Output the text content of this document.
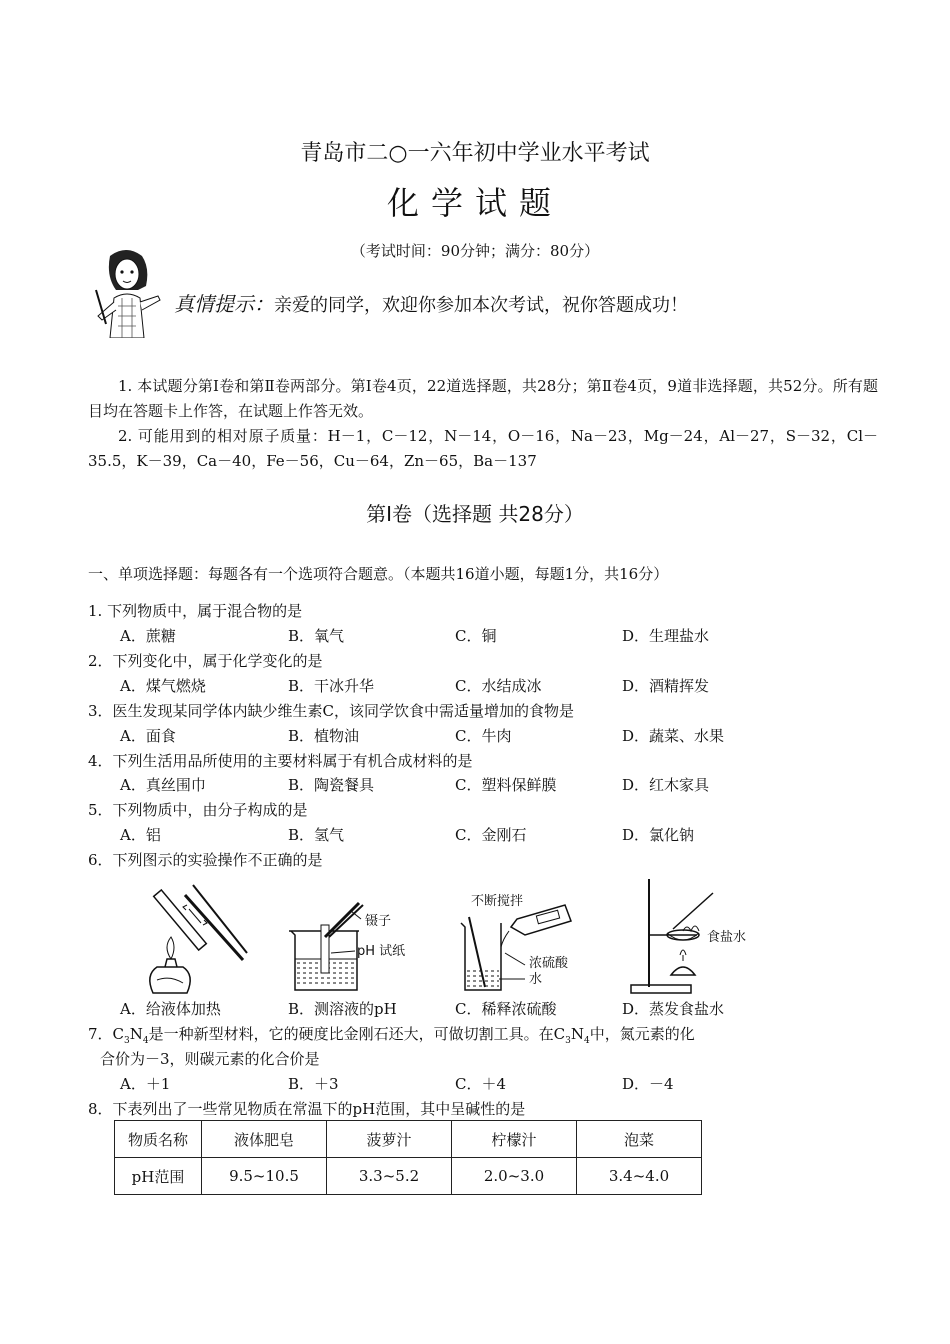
青岛市二○一六年初中学业水平考试
化学试题
（考试时间：90分钟；满分：80分）
真情提示：亲爱的同学，欢迎你参加本次考试，祝你答题成功！
1. 本试题分第Ⅰ卷和第Ⅱ卷两部分。第Ⅰ卷4页，22道选择题，共28分；第Ⅱ卷4页，9道非选择题，共52分。所有题目均在答题卡上作答，在试题上作答无效。
2. 可能用到的相对原子质量：H－1，C－12，N－14，O－16，Na－23，Mg－24，Al－27，S－32，Cl－35.5，K－39，Ca－40，Fe－56，Cu－64，Zn－65，Ba－137
第Ⅰ卷（选择题 共28分）
一、单项选择题：每题各有一个选项符合题意。（本题共16道小题，每题1分，共16分）
1. 下列物质中，属于混合物的是
A．蔗糖	B．氧气	C．铜	D．生理盐水
2．下列变化中，属于化学变化的是
A．煤气燃烧	B．干冰升华	C．水结成冰	D．酒精挥发
3．医生发现某同学体内缺少维生素C，该同学饮食中需适量增加的食物是
A．面食	B．植物油	C．牛肉	D．蔬菜、水果
4．下列生活用品所使用的主要材料属于有机合成材料的是
A．真丝围巾	B．陶瓷餐具	C．塑料保鲜膜	D．红木家具
5．下列物质中，由分子构成的是
A．铝	B．氢气	C．金刚石	D．氯化钠
6．下列图示的实验操作不正确的是
镊子
pH 试纸
不断搅拌
浓硫酸
水
食盐水
A．给液体加热	B．测溶液的pH	C．稀释浓硫酸	D．蒸发食盐水
7．$C_3N_4$是一种新型材料，它的硬度比金刚石还大，可做切割工具。在$C_3N_4$中，氮元素的化
合价为－3，则碳元素的化合价是
A．＋1	B．＋3	C．＋4	D．－4
8．下表列出了一些常见物质在常温下的pH范围，其中呈碱性的是
物质名称	液体肥皂	菠萝汁	柠檬汁	泡菜
pH范围	9.5~10.5	3.3~5.2	2.0~3.0	3.4~4.0
